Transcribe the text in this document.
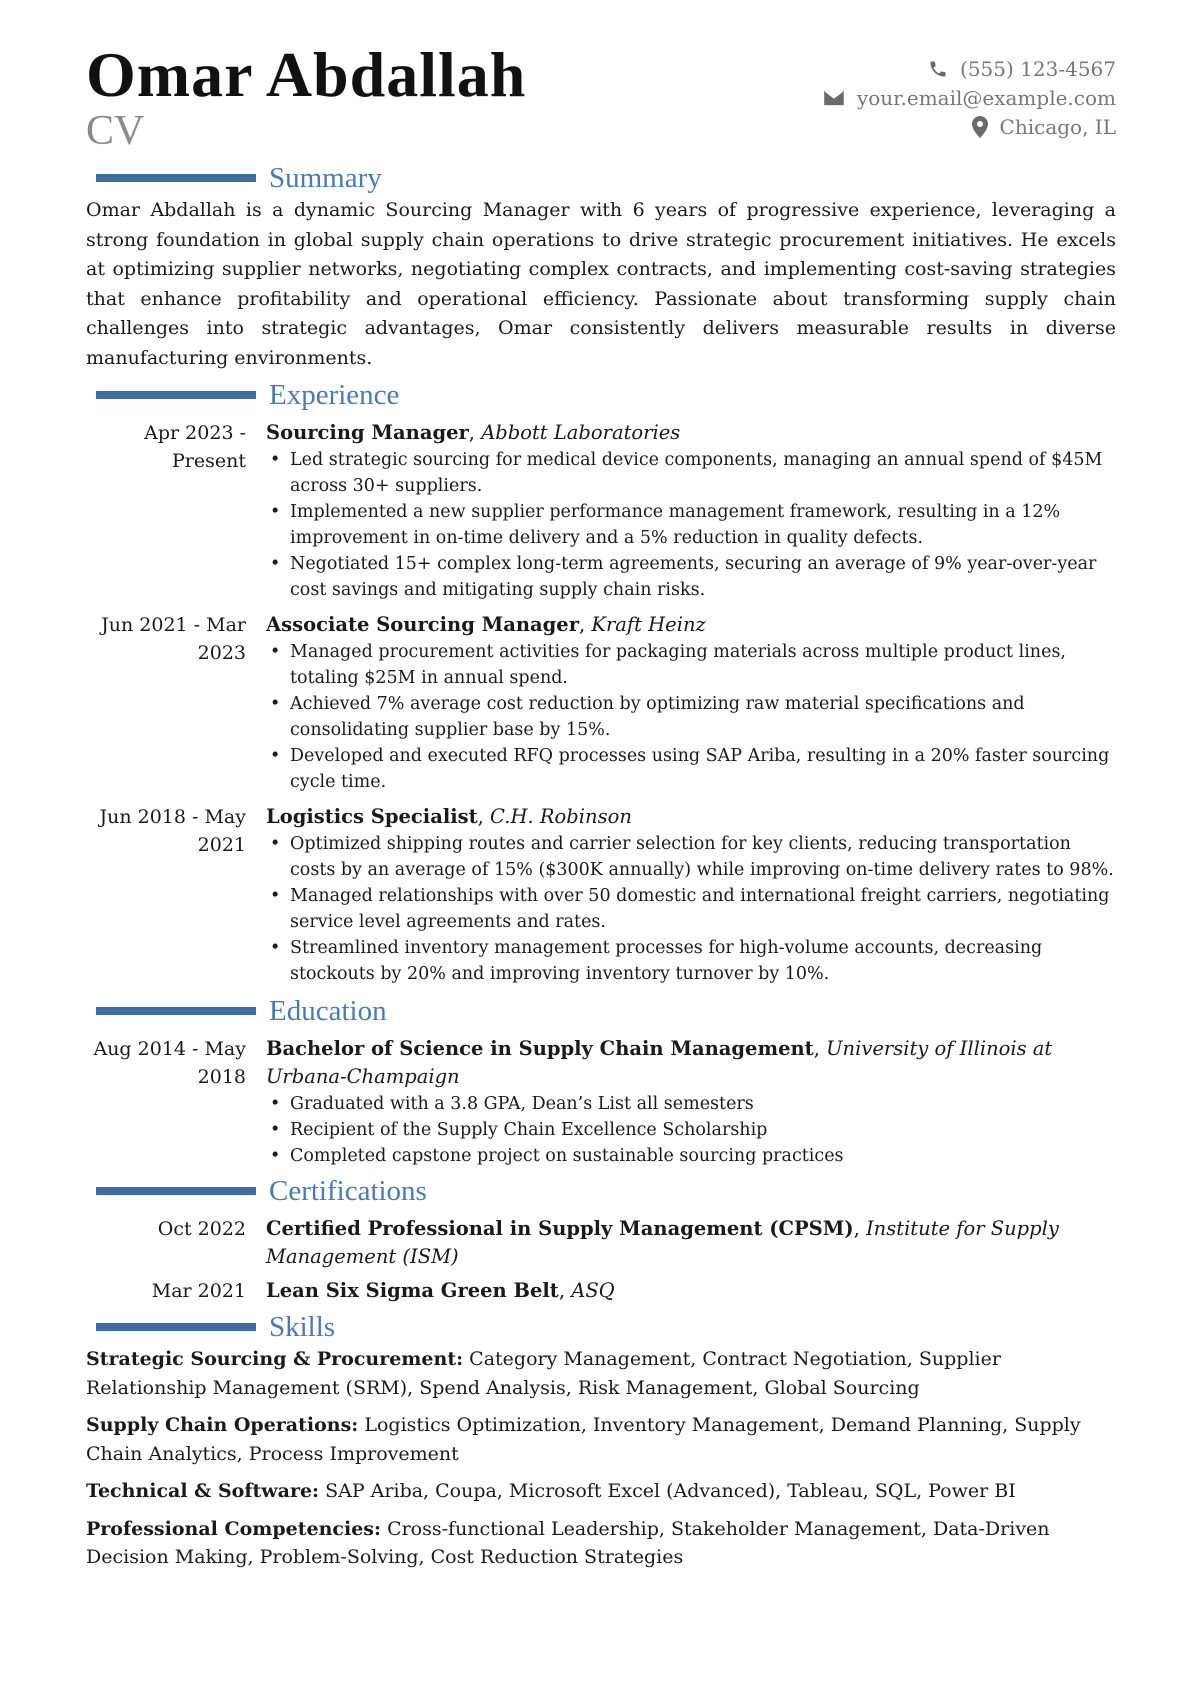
Omar Abdallah
CV
(555) 123-4567
your.email@example.com
Chicago, IL
Summary

Omar Abdallah is a dynamic Sourcing Manager with 6 years of progressive experience, leveraging a strong foundation in global supply chain operations to drive strategic procurement initiatives. He excels at optimizing supplier networks, negotiating complex contracts, and implementing cost-saving strategies that enhance profitability and operational efficiency. Passionate about transforming supply chain challenges into strategic advantages, Omar consistently delivers measurable results in diverse manufacturing environments.

Experience
Apr 2023 - Present
Sourcing Manager, Abbott Laboratories
• Led strategic sourcing for medical device components, managing an annual spend of $45M across 30+ suppliers.
• Implemented a new supplier performance management framework, resulting in a 12% improvement in on-time delivery and a 5% reduction in quality defects.
• Negotiated 15+ complex long-term agreements, securing an average of 9% year-over-year cost savings and mitigating supply chain risks.
Jun 2021 - Mar 2023
Associate Sourcing Manager, Kraft Heinz
• Managed procurement activities for packaging materials across multiple product lines, totaling $25M in annual spend.
• Achieved 7% average cost reduction by optimizing raw material specifications and consolidating supplier base by 15%.
• Developed and executed RFQ processes using SAP Ariba, resulting in a 20% faster sourcing cycle time.
Jun 2018 - May 2021
Logistics Specialist, C.H. Robinson
• Optimized shipping routes and carrier selection for key clients, reducing transportation costs by an average of 15% ($300K annually) while improving on-time delivery rates to 98%.
• Managed relationships with over 50 domestic and international freight carriers, negotiating service level agreements and rates.
• Streamlined inventory management processes for high-volume accounts, decreasing stockouts by 20% and improving inventory turnover by 10%.
Education
Aug 2014 - May 2018
Bachelor of Science in Supply Chain Management, University of Illinois at Urbana-Champaign
• Graduated with a 3.8 GPA, Dean’s List all semesters
• Recipient of the Supply Chain Excellence Scholarship
• Completed capstone project on sustainable sourcing practices
Certifications
Oct 2022	Certified Professional in Supply Management (CPSM), Institute for Supply Management (ISM)
Mar 2021	Lean Six Sigma Green Belt, ASQ
Skills

Strategic Sourcing & Procurement: Category Management, Contract Negotiation, Supplier Relationship Management (SRM), Spend Analysis, Risk Management, Global Sourcing

Supply Chain Operations: Logistics Optimization, Inventory Management, Demand Planning, Supply Chain Analytics, Process Improvement

Technical & Software: SAP Ariba, Coupa, Microsoft Excel (Advanced), Tableau, SQL, Power BI

Professional Competencies: Cross-functional Leadership, Stakeholder Management, Data-Driven Decision Making, Problem-Solving, Cost Reduction Strategies
